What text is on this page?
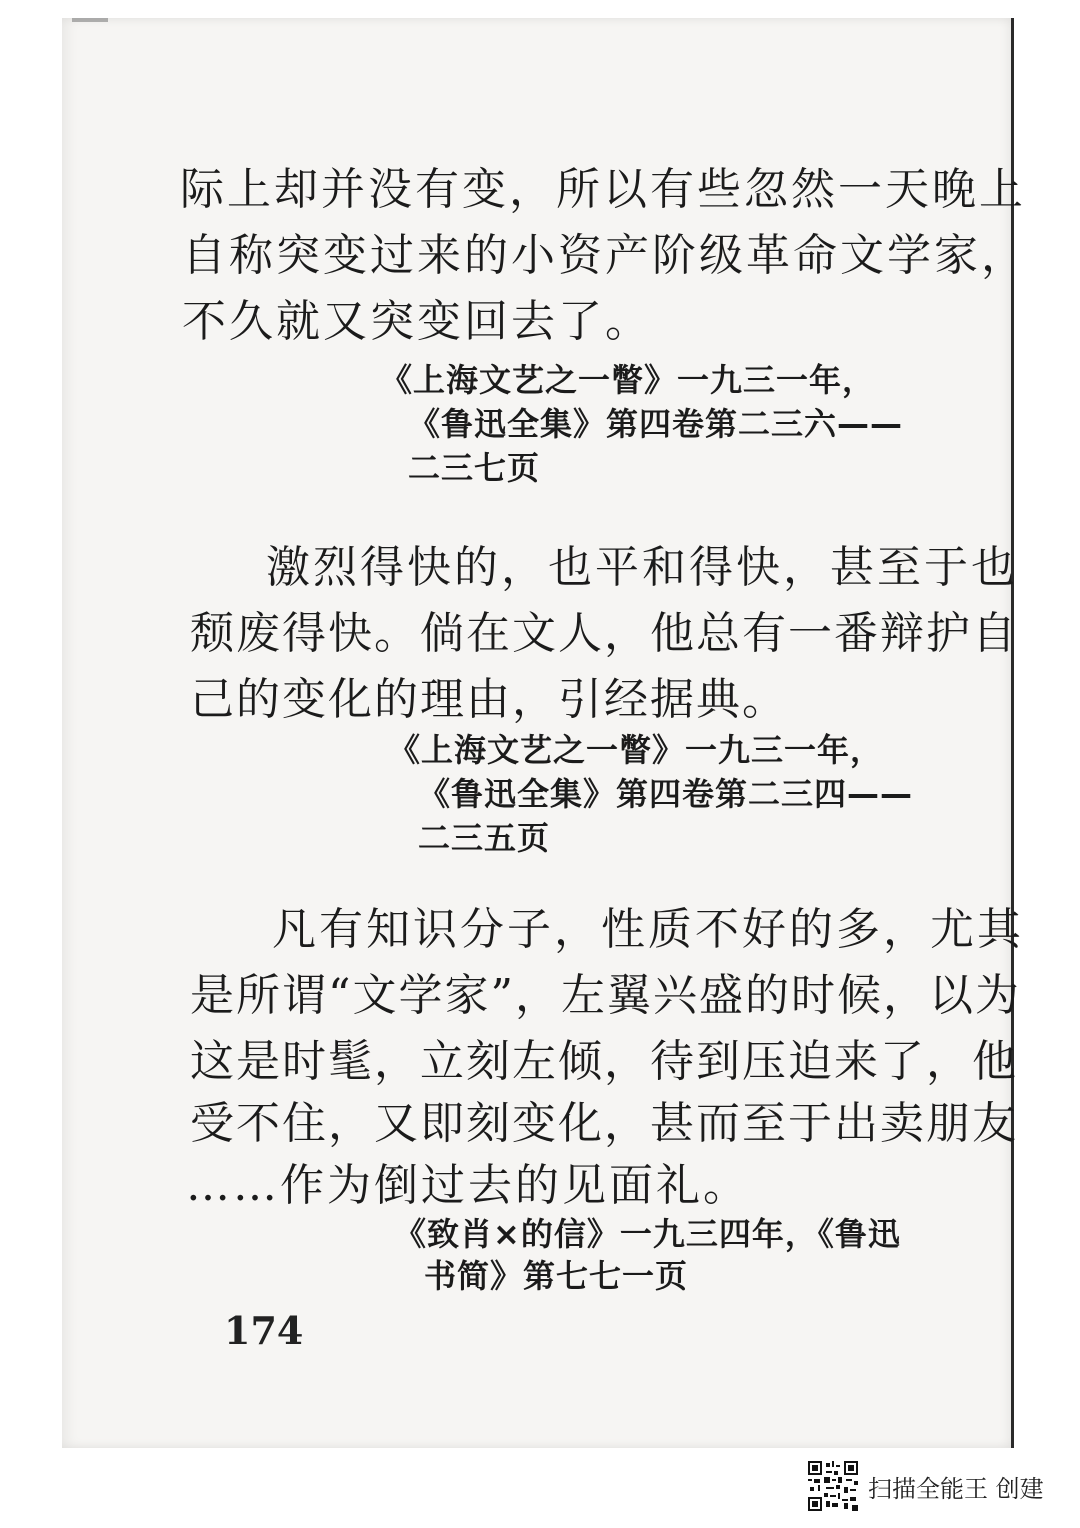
际上却并没有变，所以有些忽然一天晚上
自称突变过来的小资产阶级革命文学家，
不久就又突变回去了。
《上海文艺之一瞥》一九三一年，
《鲁迅全集》第四卷第二三六——
二三七页
激烈得快的，也平和得快，甚至于也
颓废得快。倘在文人，他总有一番辩护自
己的变化的理由，引经据典。
《上海文艺之一瞥》一九三一年，
《鲁迅全集》第四卷第二三四——
二三五页
凡有知识分子，性质不好的多，尤其
是所谓“文学家”，左翼兴盛的时候，以为
这是时髦，立刻左倾，待到压迫来了，他
受不住，又即刻变化，甚而至于出卖朋友
……作为倒过去的见面礼。
《致肖×的信》一九三四年，《鲁迅
书简》第七七一页
174
扫描全能王 创建
